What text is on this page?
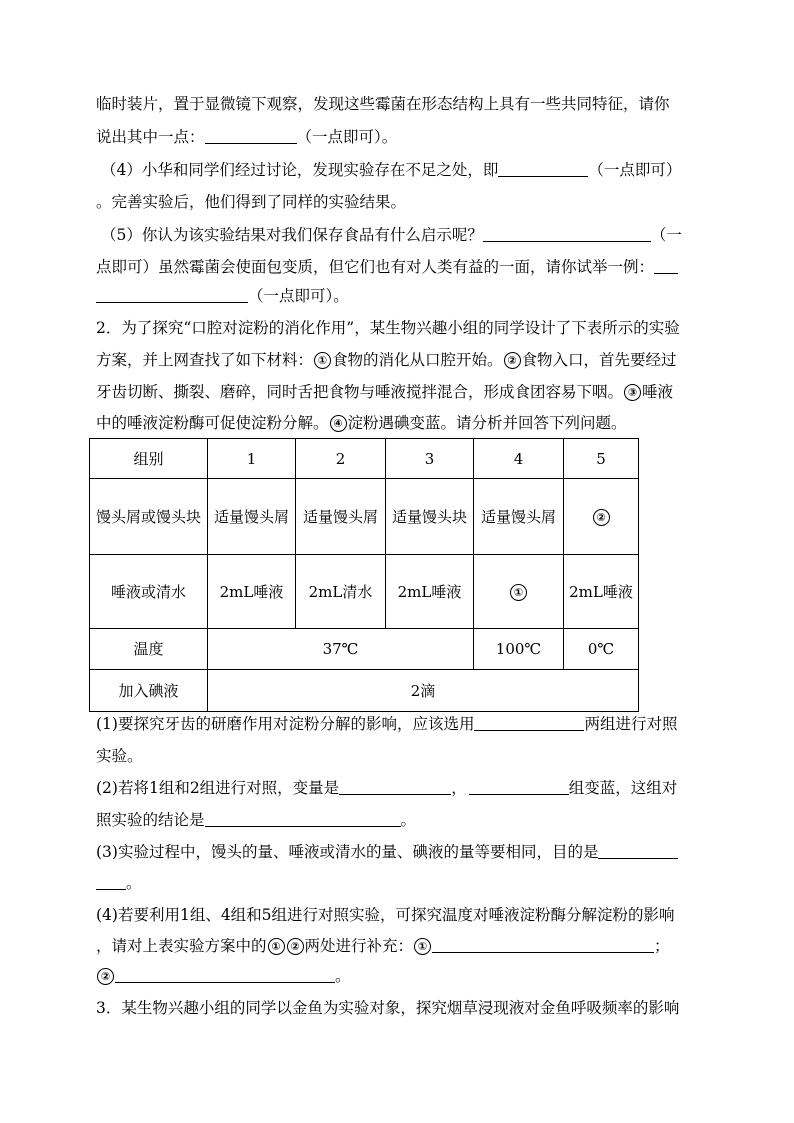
临时装片，置于显微镜下观察，发现这些霉菌在形态结构上具有一些共同特征，请你
说出其中一点：	（一点即可）。
（4）小华和同学们经过讨论，发现实验存在不足之处，即	（一点即可）
。完善实验后，他们得到了同样的实验结果。
（5）你认为该实验结果对我们保存食品有什么启示呢？	（一
点即可）虽然霉菌会使面包变质，但它们也有对人类有益的一面，请你试举一例：
（一点即可）。
2．为了探究“口腔对淀粉的消化作用”，某生物兴趣小组的同学设计了下表所示的实验
方案，并上网查找了如下材料： ① 食物的消化从口腔开始。 ② 食物入口，首先要经过
牙齿切断、撕裂、磨碎，同时舌把食物与唾液搅拌混合，形成食团容易下咽。 ③ 唾液
中的唾液淀粉酶可促使淀粉分解。 ④ 淀粉遇碘变蓝。请分析并回答下列问题。
组别	1	2	3	4	5
馒头屑或馒头块	适量馒头屑	适量馒头屑	适量馒头块	适量馒头屑	②
唾液或清水	2mL唾液	2mL清水	2mL唾液	①	2mL唾液
温度	37℃			100℃	0℃
加入碘液	2滴				
(1)要探究牙齿的研磨作用对淀粉分解的影响，应该选用	两组进行对照
实验。
(2)若将1组和2组进行对照，变量是	，	组变蓝，这组对
照实验的结论是	。
(3)实验过程中，馒头的量、唾液或清水的量、碘液的量等要相同，目的是
。
(4)若要利用1组、4组和5组进行对照实验，可探究温度对唾液淀粉酶分解淀粉的影响
，请对上表实验方案中的 ① ② 两处进行补充： ①	；
②	。
3．某生物兴趣小组的同学以金鱼为实验对象，探究烟草浸现液对金鱼呼吸频率的影响
